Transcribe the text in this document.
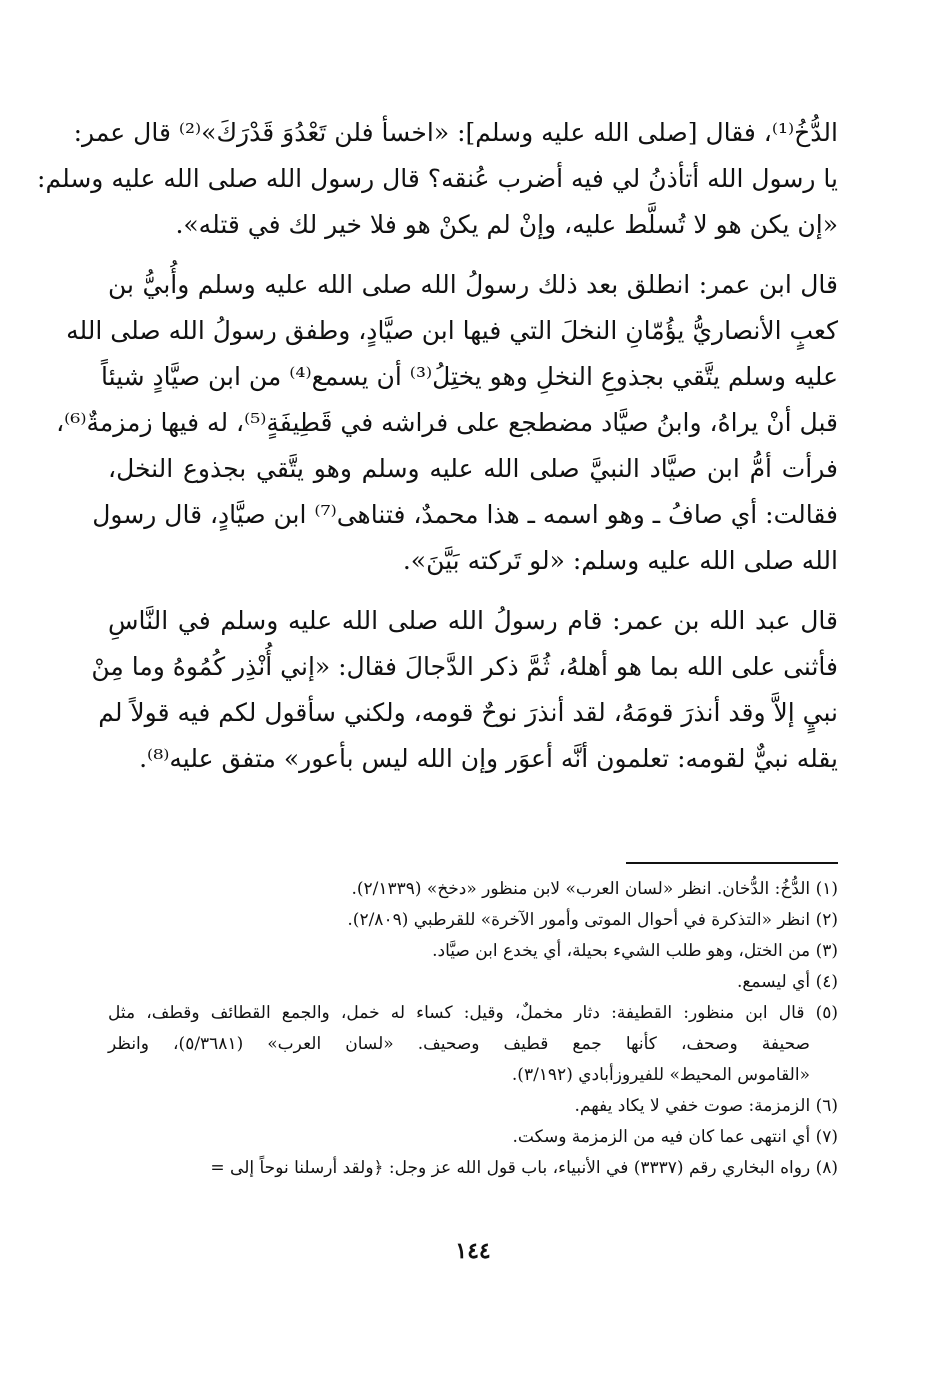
الدُّخُ⁽¹⁾، فقال [صلى الله عليه وسلم]: «اخسأ فلن تَعْدُوَ قَدْرَكَ»⁽²⁾ قال عمر:
يا رسول الله أتأذنُ لي فيه أضرب عُنقه؟ قال رسول الله صلى الله عليه وسلم:
«إن يكن هو لا تُسلَّط عليه، وإنْ لم يكنْ هو فلا خير لك في قتله».
قال ابن عمر: انطلق بعد ذلك رسولُ الله صلى الله عليه وسلم وأُبيُّ بن
كعبٍ الأنصاريُّ يؤُمّانِ النخلَ التي فيها ابن صيَّادٍ، وطفق رسولُ الله صلى الله
عليه وسلم يتَّقي بجذوعِ النخلِ وهو يختِلُ⁽³⁾ أن يسمع⁽⁴⁾ من ابن صيَّادٍ شيئاً
قبل أنْ يراهُ، وابنُ صيَّاد مضطجع على فراشه في قَطِيفَةٍ⁽⁵⁾، له فيها زمزمةٌ⁽⁶⁾،
فرأت أمُّ ابن صيَّاد النبيَّ صلى الله عليه وسلم وهو يتَّقي بجذوع النخل،
فقالت: أي صافُ ـ وهو اسمه ـ هذا محمدٌ، فتناهى⁽⁷⁾ ابن صيَّادٍ، قال رسول
الله صلى الله عليه وسلم: «لو تَركته بَيَّنَ».
قال عبد الله بن عمر: قام رسولُ الله صلى الله عليه وسلم في النَّاسِ
فأثنى على الله بما هو أهلهُ، ثُمَّ ذكر الدَّجالَ فقال: «إني أُنْذِر كُمُوهُ وما مِنْ
نبيٍ إلاَّ وقد أنذرَ قومَهُ، لقد أنذرَ نوحٌ قومه، ولكني سأقول لكم فيه قولاً لم
يقله نبيٌّ لقومه: تعلمون أنَّه أعوَر وإن الله ليس بأعور» متفق عليه⁽⁸⁾.
(١) الدُّخُ: الدُّخان. انظر «لسان العرب» لابن منظور «دخخ» (٢/١٣٣٩).
(٢) انظر «التذكرة في أحوال الموتى وأمور الآخرة» للقرطبي (٢/٨٠٩).
(٣) من الختل، وهو طلب الشيء بحيلة، أي يخدع ابن صيَّاد.
(٤) أي ليسمع.
(٥) قال ابن منظور: القطيفة: دثار مخملٌ، وقيل: كساء له خمل، والجمع القطائف وقطف، مثل
صحيفة وصحف، كأنها جمع قطيف وصحيف. «لسان العرب» (٥/٣٦٨١)، وانظر
«القاموس المحيط» للفيروزأبادي (٣/١٩٢).
(٦) الزمزمة: صوت خفي لا يكاد يفهم.
(٧) أي انتهى عما كان فيه من الزمزمة وسكت.
(٨) رواه البخاري رقم (٣٣٣٧) في الأنبياء، باب قول الله عز وجل: ﴿ولقد أرسلنا نوحاً إلى =
١٤٤
